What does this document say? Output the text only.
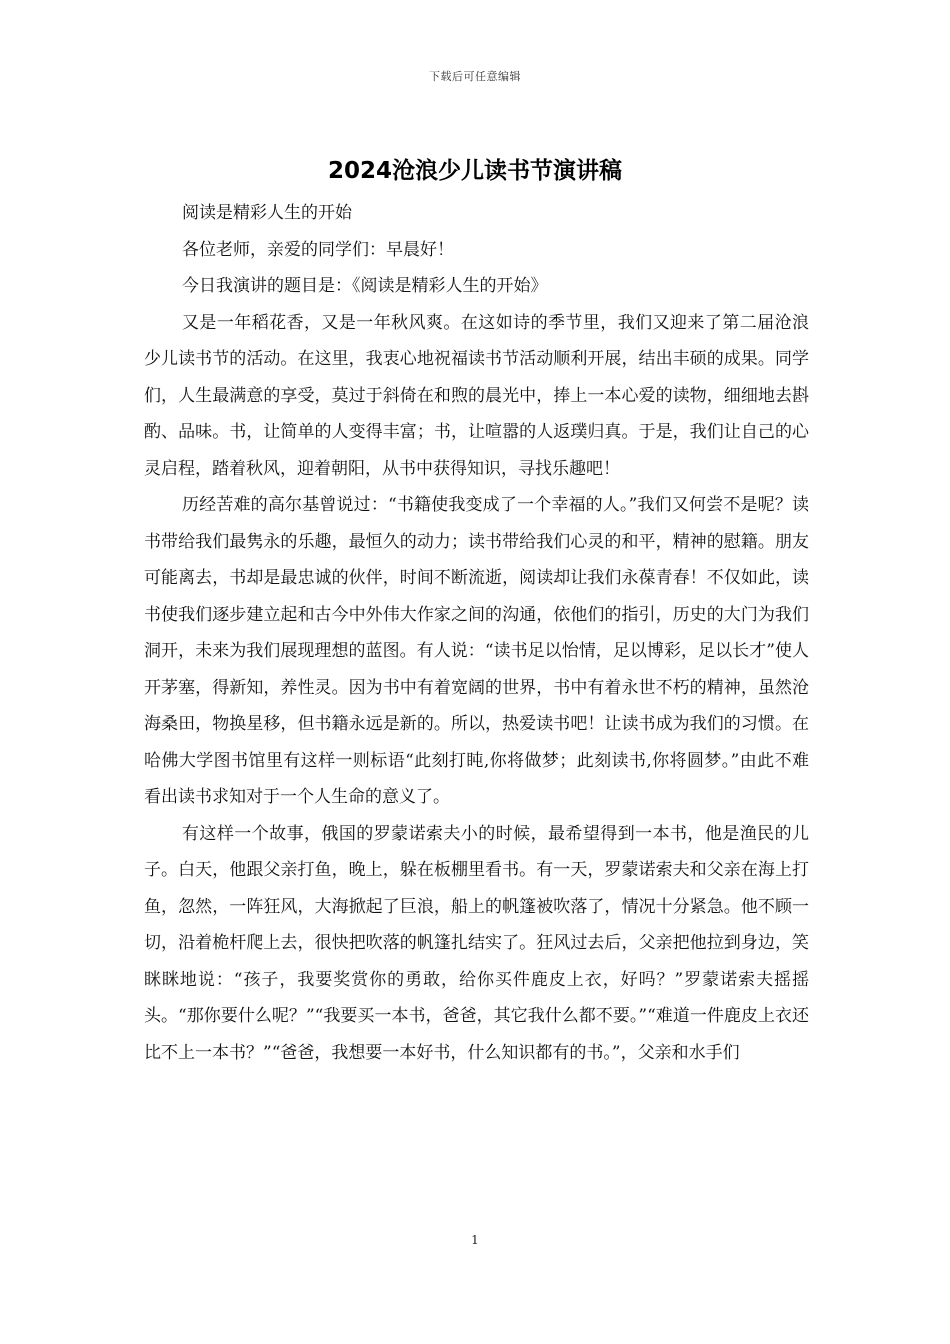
下载后可任意编辑
2024沧浪少儿读书节演讲稿

阅读是精彩人生的开始

各位老师，亲爱的同学们：早晨好！

今日我演讲的题目是：《阅读是精彩人生的开始》

又是一年稻花香，又是一年秋风爽。在这如诗的季节里，我们又迎来了第二届沧浪少儿读书节的活动。在这里，我衷心地祝福读书节活动顺利开展，结出丰硕的成果。同学们，人生最满意的享受，莫过于斜倚在和煦的晨光中，捧上一本心爱的读物，细细地去斟酌、品味。书，让简单的人变得丰富；书，让喧嚣的人返璞归真。于是，我们让自己的心灵启程，踏着秋风，迎着朝阳，从书中获得知识，寻找乐趣吧！

历经苦难的高尔基曾说过：“书籍使我变成了一个幸福的人。”我们又何尝不是呢？读书带给我们最隽永的乐趣，最恒久的动力；读书带给我们心灵的和平，精神的慰籍。朋友可能离去，书却是最忠诚的伙伴，时间不断流逝，阅读却让我们永葆青春！不仅如此，读书使我们逐步建立起和古今中外伟大作家之间的沟通，依他们的指引，历史的大门为我们洞开，未来为我们展现理想的蓝图。有人说：“读书足以怡情，足以博彩，足以长才”使人开茅塞，得新知，养性灵。因为书中有着宽阔的世界，书中有着永世不朽的精神，虽然沧海桑田，物换星移，但书籍永远是新的。所以，热爱读书吧！让读书成为我们的习惯。在哈佛大学图书馆里有这样一则标语“此刻打盹,你将做梦；此刻读书,你将圆梦。”由此不难看出读书求知对于一个人生命的意义了。

有这样一个故事，俄国的罗蒙诺索夫小的时候，最希望得到一本书，他是渔民的儿子。白天，他跟父亲打鱼，晚上，躲在板棚里看书。有一天，罗蒙诺索夫和父亲在海上打鱼，忽然，一阵狂风，大海掀起了巨浪，船上的帆篷被吹落了，情况十分紧急。他不顾一切，沿着桅杆爬上去，很快把吹落的帆篷扎结实了。狂风过去后，父亲把他拉到身边，笑眯眯地说：“孩子，我要奖赏你的勇敢，给你买件鹿皮上衣，好吗？”罗蒙诺索夫摇摇头。“那你要什么呢？”“我要买一本书，爸爸，其它我什么都不要。”“难道一件鹿皮上衣还比不上一本书？”“爸爸，我想要一本好书，什么知识都有的书。”，父亲和水手们

1
